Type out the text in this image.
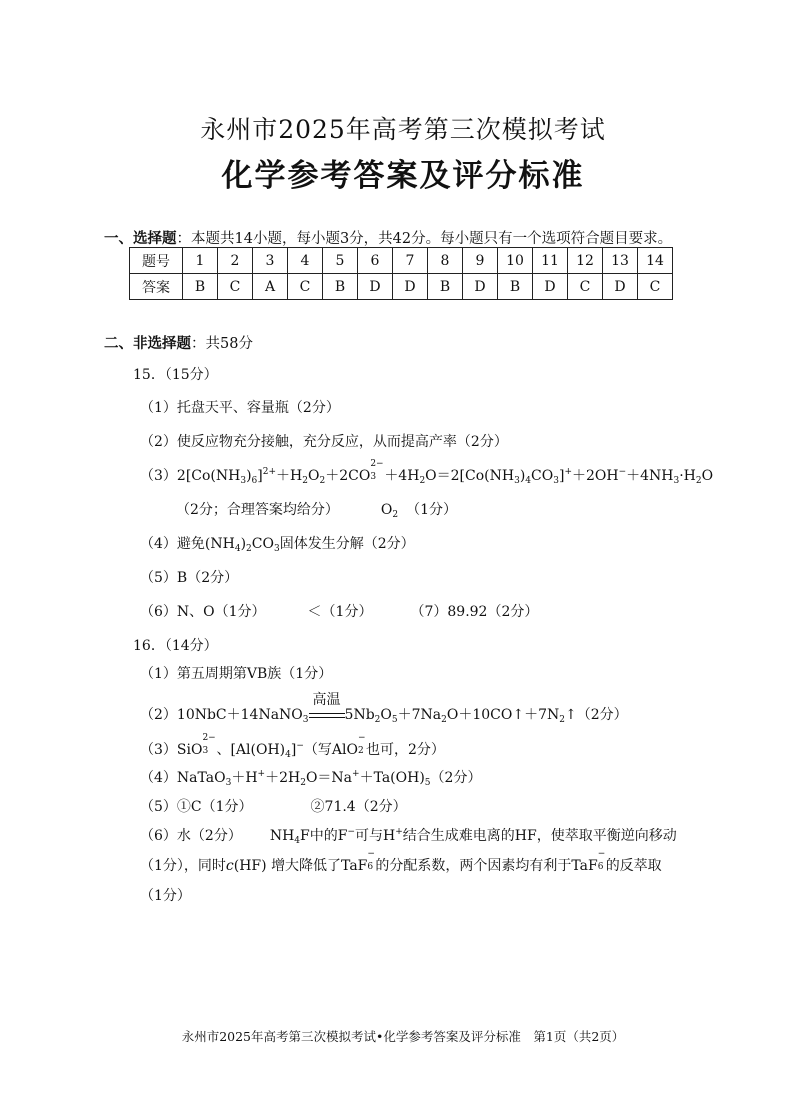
永州市2025年高考第三次模拟考试
化学参考答案及评分标准
一、选择题：本题共14小题，每小题3分，共42分。每小题只有一个选项符合题目要求。
题号	1	2	3	4	5	6	7	8	9	10	11	12	13	14
答案	B	C	A	C	B	D	D	B	D	B	D	C	D	C
二、非选择题：共58分
15．（15分）
（1）托盘天平、容量瓶（2分）
（2）使反应物充分接触，充分反应，从而提高产率（2分）
$(3)2[Co(NH_3)_6]^{2+}+H_2O_2+2CO$
2−
$3 +4H_2O=2[Co(NH_3)_4CO_3]^++2OH^-+4NH_3\cdot H_2O$
（2分；合理答案均给分）	$O_2$ （1分）
（4）避免$(NH_4)_2CO_3$固体发生分解（2分）
（5）B（2分）
（6）N、O（1分）	＜（1分）	（7）89.92（2分）
16．（14分）
（1）第五周期第VB族（1分）
（2）10NbC＋14NaNO$_3$
高温
$5Nb_2O_5+7Na_2O+10CO↑+7N_2↑(2$分）
（3）SiO
2−
3 、$[Al(OH)_4]^-$（写AlO
−
2 也可，2分）
$(4)NaTaO_3+H^++2H_2O=Na^++Ta(OH)_5(2$分）
（5）①C（1分）	②71.4（2分）
（6）水（2分） $NH_4F$中的F−可与H+结合生成难电离的HF，使萃取平衡逆向移动
（1分），同时c(HF) 增大降低了TaF
−
6 的分配系数，两个因素均有利于TaF
−
6 的反萃取
（1分）
永州市2025年高考第三次模拟考试•化学参考答案及评分标准　第1页（共2页）
